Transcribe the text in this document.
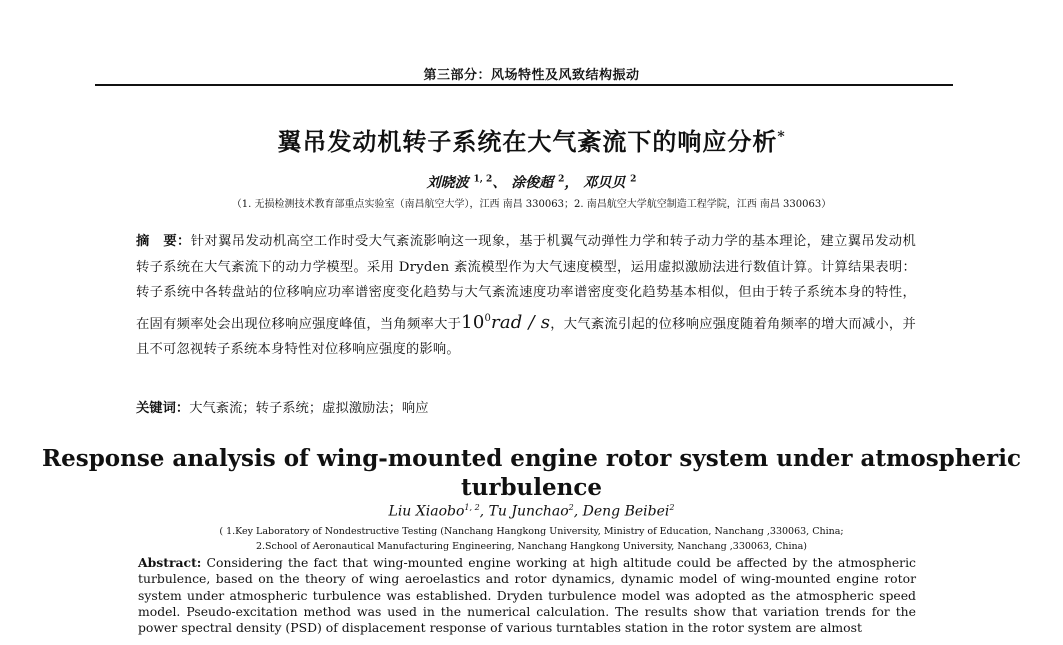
第三部分：风场特性及风致结构振动
翼吊发动机转子系统在大气紊流下的响应分析*
刘晓波 $^{1, 2}$、 涂俊超 $^2$， 邓贝贝 $^2$
（1. 无损检测技术教育部重点实验室（南昌航空大学），江西 南昌 330063；2. 南昌航空大学航空制造工程学院，江西 南昌 330063）
摘　要：针对翼吊发动机高空工作时受大气紊流影响这一现象，基于机翼气动弹性力学和转子动力学的基本理论，建立翼吊发动机转子系统在大气紊流下的动力学模型。采用 Dryden 紊流模型作为大气速度模型，运用虚拟激励法进行数值计算。计算结果表明：转子系统中各转盘站的位移响应功率谱密度变化趋势与大气紊流速度功率谱密度变化趋势基本相似，但由于转子系统本身的特性，在固有频率处会出现位移响应强度峰值，当角频率大于$10^0rad$ / s，大气紊流引起的位移响应强度随着角频率的增大而减小，并且不可忽视转子系统本身特性对位移响应强度的影响。
关键词：大气紊流；转子系统；虚拟激励法；响应
Response analysis of wing-mounted engine rotor system under atmospheric turbulence
Liu Xiaobo$^{1, 2}$, Tu Junchao$^2$, Deng Beibei$^2$
( 1.Key Laboratory of Nondestructive Testing (Nanchang Hangkong University, Ministry of Education, Nanchang ,330063, China;
2.School of Aeronautical Manufacturing Engineering, Nanchang Hangkong University, Nanchang ,330063, China)
Abstract: Considering the fact that wing-mounted engine working at high altitude could be affected by the atmospheric turbulence, based on the theory of wing aeroelastics and rotor dynamics, dynamic model of wing-mounted engine rotor system under atmospheric turbulence was established. Dryden turbulence model was adopted as the atmospheric speed model. Pseudo-excitation method was used in the numerical calculation. The results show that variation trends for the power spectral density (PSD) of displacement response of various turntables station in the rotor system are almost
